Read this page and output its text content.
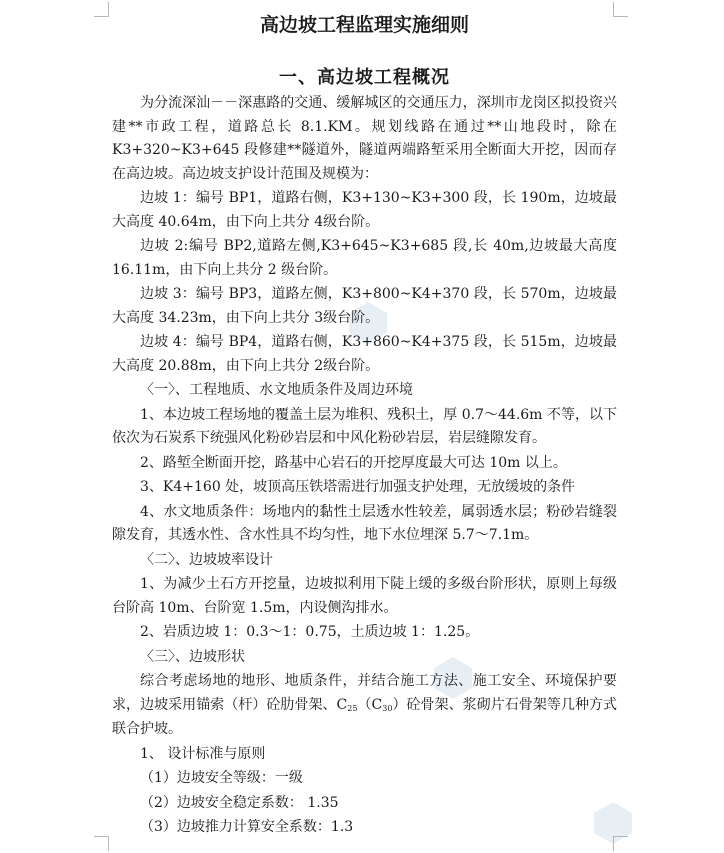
高边坡工程监理实施细则
一、高边坡工程概况

为分流深汕－－深惠路的交通、缓解城区的交通压力，深圳市龙岗区拟投资兴建**市政工程，道路总长 8.1.KM。规划线路在通过**山地段时，除在 K3+320~K3+645 段修建**隧道外，隧道两端路堑采用全断面大开挖，因而存在高边坡。高边坡支护设计范围及规模为：

边坡 1：编号 BP1，道路右侧，K3+130~K3+300 段，长 190m，边坡最大高度 40.64m，由下向上共分 4级台阶。

边坡 2:编号 BP2,道路左侧,K3+645~K3+685 段,长 40m,边坡最大高度 16.11m，由下向上共分 2 级台阶。

边坡 3：编号 BP3，道路左侧，K3+800~K4+370 段，长 570m，边坡最大高度 34.23m，由下向上共分 3级台阶。

边坡 4：编号 BP4，道路右侧，K3+860~K4+375 段，长 515m，边坡最大高度 20.88m，由下向上共分 2级台阶。

〈一〉、工程地质、水文地质条件及周边环境

1、本边坡工程场地的覆盖土层为堆积、残积土，厚 0.7～44.6m 不等，以下依次为石炭系下统强风化粉砂岩层和中风化粉砂岩层，岩层缝隙发育。

2、路堑全断面开挖，路基中心岩石的开挖厚度最大可达 10m 以上。

3、K4+160 处，坡顶高压铁塔需进行加强支护处理，无放缓坡的条件

4、水文地质条件：场地内的黏性土层透水性较差，属弱透水层；粉砂岩缝裂隙发育，其透水性、含水性具不均匀性，地下水位埋深 5.7～7.1m。

〈二〉、边坡坡率设计

1、为减少土石方开挖量，边坡拟利用下陡上缓的多级台阶形状，原则上每级台阶高 10m、台阶宽 1.5m，内设侧沟排水。

2、岩质边坡 1：0.3～1：0.75，土质边坡 1：1.25。

〈三〉、边坡形状

综合考虑场地的地形、地质条件，并结合施工方法、施工安全、环境保护要求，边坡采用锚索（杆）砼肋骨架、C25（C30）砼骨架、浆砌片石骨架等几种方式联合护坡。

1、 设计标准与原则

（1）边坡安全等级：一级

（2）边坡安全稳定系数： 1.35

（3）边坡推力计算安全系数：1.3
